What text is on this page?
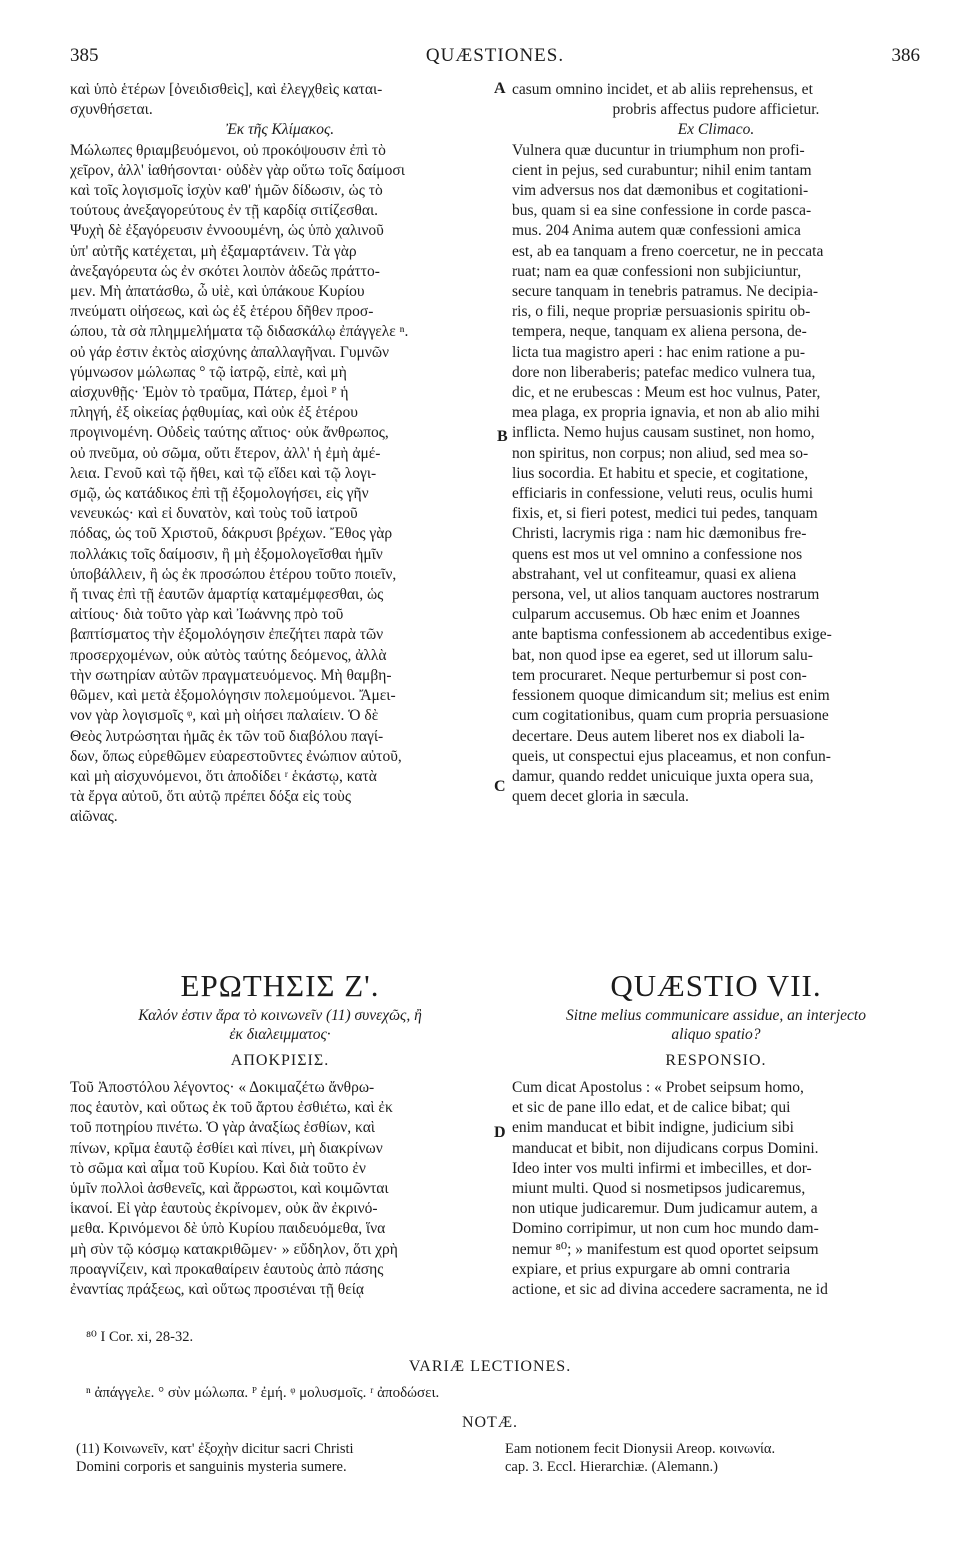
385	QUÆSTIONES.	386
καὶ ὑπὸ ἑτέρων [ὀνειδισθεὶς], καὶ ἐλεγχθεὶς καται-
σχυνθήσεται.
Ἐκ τῆς Κλίμακος.
Μώλωπες θριαμβευόμενοι, οὐ προκόψουσιν ἐπὶ τὸ
χεῖρον, ἀλλ' ἰαθήσονται· οὐδὲν γὰρ οὕτω τοῖς δαίμοσι
καὶ τοῖς λογισμοῖς ἰσχὺν καθ' ἡμῶν δίδωσιν, ὡς τὸ
τούτους ἀνεξαγορεύτους ἐν τῇ καρδίᾳ σιτίζεσθαι.
Ψυχὴ δὲ ἐξαγόρευσιν ἐννοουμένη, ὡς ὑπὸ χαλινοῦ
ὑπ' αὐτῆς κατέχεται, μὴ ἐξαμαρτάνειν. Τὰ γὰρ
ἀνεξαγόρευτα ὡς ἐν σκότει λοιπὸν ἀδεῶς πράττο-
μεν. Μὴ ἀπατάσθω, ὦ υἱὲ, καὶ ὑπάκουε Κυρίου
πνεύματι οἰήσεως, καὶ ὡς ἐξ ἑτέρου δῆθεν προσ-
ώπου, τὰ σὰ πλημμελήματα τῷ διδασκάλῳ ἐπάγγελε ⁿ.
οὐ γάρ ἐστιν ἐκτὸς αἰσχύνης ἀπαλλαγῆναι. Γυμνῶν
γύμνωσον μώλωπας ° τῷ ἰατρῷ, εἰπὲ, καὶ μὴ
αἰσχυνθῇς· Ἐμὸν τὸ τραῦμα, Πάτερ, ἐμοὶ ᴾ ἡ
πληγή, ἐξ οἰκείας ῥᾳθυμίας, καὶ οὐκ ἐξ ἑτέρου
προγινομένη. Οὐδεὶς ταύτης αἴτιος· οὐκ ἄνθρωπος,
οὐ πνεῦμα, οὐ σῶμα, οὔτι ἕτερον, ἀλλ' ἡ ἐμὴ ἀμέ-
λεια. Γενοῦ καὶ τῷ ἤθει, καὶ τῷ εἴδει καὶ τῷ λογι-
σμῷ, ὡς κατάδικος ἐπὶ τῇ ἐξομολογήσει, εἰς γῆν
νενευκώς· καὶ εἰ δυνατὸν, καὶ τοὺς τοῦ ἰατροῦ
πόδας, ὡς τοῦ Χριστοῦ, δάκρυσι βρέχων. Ἔθος γὰρ
πολλάκις τοῖς δαίμοσιν, ἢ μὴ ἐξομολογεῖσθαι ἡμῖν
ὑποβάλλειν, ἢ ὡς ἐκ προσώπου ἑτέρου τοῦτο ποιεῖν,
ἤ τινας ἐπὶ τῇ ἑαυτῶν ἁμαρτίᾳ καταμέμφεσθαι, ὡς
αἰτίους· διὰ τοῦτο γὰρ καὶ Ἰωάννης πρὸ τοῦ
βαπτίσματος τὴν ἐξομολόγησιν ἐπεζήτει παρὰ τῶν
προσερχομένων, οὐκ αὐτὸς ταύτης δεόμενος, ἀλλὰ
τὴν σωτηρίαν αὐτῶν πραγματευόμενος. Μὴ θαμβη-
θῶμεν, καὶ μετὰ ἐξομολόγησιν πολεμούμενοι. Ἄμει-
νον γὰρ λογισμοῖς ᵠ, καὶ μὴ οἰήσει παλαίειν. Ὁ δὲ
Θεὸς λυτρώσηται ἡμᾶς ἐκ τῶν τοῦ διαβόλου παγί-
δων, ὅπως εὑρεθῶμεν εὐαρεστοῦντες ἐνώπιον αὐτοῦ,
καὶ μὴ αἰσχυνόμενοι, ὅτι ἀποδίδει ʳ ἑκάστῳ, κατὰ
τὰ ἔργα αὐτοῦ, ὅτι αὐτῷ πρέπει δόξα εἰς τοὺς
αἰῶνας.
casum omnino incidet, et ab aliis reprehensus, et
probris affectus pudore afficietur.
Ex Climaco.
Vulnera quæ ducuntur in triumphum non profi-
cient in pejus, sed curabuntur; nihil enim tantam
vim adversus nos dat dæmonibus et cogitationi-
bus, quam si ea sine confessione in corde pasca-
mus. 204 Anima autem quæ confessioni amica
est, ab ea tanquam a freno coercetur, ne in peccata
ruat; nam ea quæ confessioni non subjiciuntur,
secure tanquam in tenebris patramus. Ne decipia-
ris, o fili, neque propriæ persuasionis spiritu ob-
tempera, neque, tanquam ex aliena persona, de-
licta tua magistro aperi : hac enim ratione a pu-
dore non liberaberis; patefac medico vulnera tua,
dic, et ne erubescas : Meum est hoc vulnus, Pater,
mea plaga, ex propria ignavia, et non ab alio mihi
inflicta. Nemo hujus causam sustinet, non homo,
non spiritus, non corpus; non aliud, sed mea so-
lius socordia. Et habitu et specie, et cogitatione,
efficiaris in confessione, veluti reus, oculis humi
fixis, et, si fieri potest, medici tui pedes, tanquam
Christi, lacrymis riga : nam hic dæmonibus fre-
quens est mos ut vel omnino a confessione nos
abstrahant, vel ut confiteamur, quasi ex aliena
persona, vel, ut alios tanquam auctores nostrarum
culparum accusemus. Ob hæc enim et Joannes
ante baptisma confessionem ab accedentibus exige-
bat, non quod ipse ea egeret, sed ut illorum salu-
tem procuraret. Neque perturbemur si post con-
fessionem quoque dimicandum sit; melius est enim
cum cogitationibus, quam cum propria persuasione
decertare. Deus autem liberet nos ex diaboli la-
queis, ut conspectui ejus placeamus, et non confun-
damur, quando reddet unicuique juxta opera sua,
quem decet gloria in sæcula.
A
B
C
D
ΕΡΩΤΗΣΙΣ Ζ'.	QUÆSTIO VII.
Καλόν ἐστιν ἄρα τὸ κοινωνεῖν (11) συνεχῶς, ἢ
ἐκ διαλειμματος·
Sitne melius communicare assidue, an interjecto
aliquo spatio?
ΑΠΟΚΡΙΣΙΣ.	RESPONSIO.
Τοῦ Ἀποστόλου λέγοντος· « Δοκιμαζέτω ἄνθρω-
πος ἑαυτὸν, καὶ οὕτως ἐκ τοῦ ἄρτου ἐσθιέτω, καὶ ἐκ
τοῦ ποτηρίου πινέτω. Ὁ γὰρ ἀναξίως ἐσθίων, καὶ
πίνων, κρῖμα ἑαυτῷ ἐσθίει καὶ πίνει, μὴ διακρίνων
τὸ σῶμα καὶ αἷμα τοῦ Κυρίου. Καὶ διὰ τοῦτο ἐν
ὑμῖν πολλοὶ ἀσθενεῖς, καὶ ἄρρωστοι, καὶ κοιμῶνται
ἱκανοί. Εἰ γὰρ ἑαυτοὺς ἐκρίνομεν, οὐκ ἂν ἐκρινό-
μεθα. Κρινόμενοι δὲ ὑπὸ Κυρίου παιδευόμεθα, ἵνα
μὴ σὺν τῷ κόσμῳ κατακριθῶμεν· » εὔδηλον, ὅτι χρὴ
προαγνίζειν, καὶ προκαθαίρειν ἑαυτοὺς ἀπὸ πάσης
ἐναντίας πράξεως, καὶ οὕτως προσιέναι τῇ θείᾳ
Cum dicat Apostolus : « Probet seipsum homo,
et sic de pane illo edat, et de calice bibat; qui
enim manducat et bibit indigne, judicium sibi
manducat et bibit, non dijudicans corpus Domini.
Ideo inter vos multi infirmi et imbecilles, et dor-
miunt multi. Quod si nosmetipsos judicaremus,
non utique judicaremur. Dum judicamur autem, a
Domino corripimur, ut non cum hoc mundo dam-
nemur ⁸⁰; » manifestum est quod oportet seipsum
expiare, et prius expurgare ab omni contraria
actione, et sic ad divina accedere sacramenta, ne id
⁸⁰ I Cor. xi, 28-32.
VARIÆ LECTIONES.
ⁿ ἀπάγγελε. ° σὺν μώλωπα. ᴾ ἐμή. ᵠ μολυσμοῖς. ʳ ἀποδώσει.
NOTÆ.
(11) Κοινωνεῖν, κατ' ἐξοχὴν dicitur sacri Christi
Domini corporis et sanguinis mysteria sumere.
Eam notionem fecit Dionysii Areop. κοινωνία.
cap. 3. Eccl. Hierarchiæ. (Alemann.)
